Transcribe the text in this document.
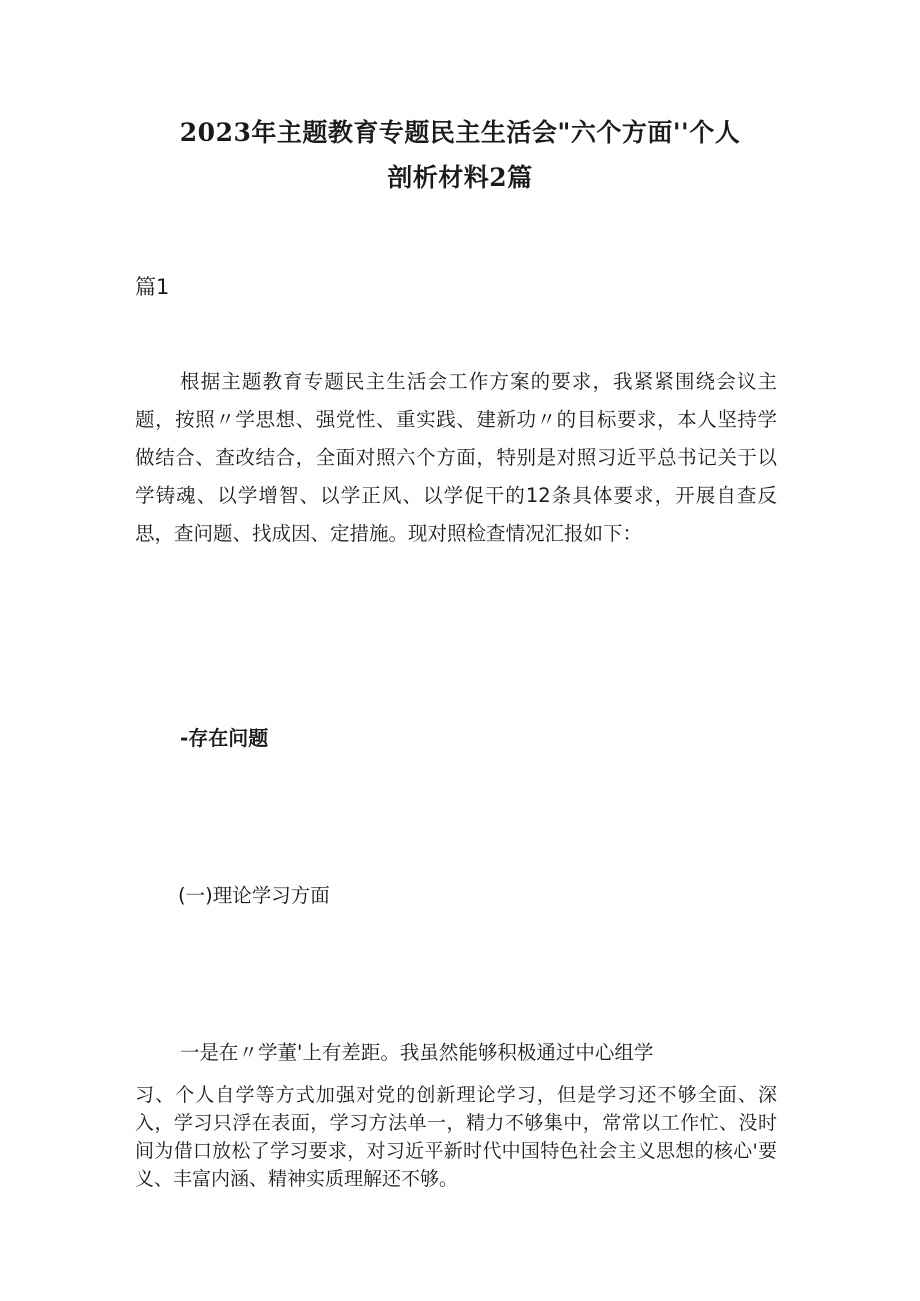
2023年主题教育专题民主生活会"六个方面''个人
剖析材料2篇

篇1

根据主题教育专题民主生活会工作方案的要求，我紧紧围绕会议主题，按照〃学思想、强党性、重实践、建新功〃的目标要求，本人坚持学做结合、查改结合，全面对照六个方面，特别是对照习近平总书记关于以学铸魂、以学增智、以学正风、以学促干的12条具体要求，开展自查反思，查问题、找成因、定措施。现对照检查情况汇报如下：

-存在问题

(一)理论学习方面

一是在〃学董'上有差距。我虽然能够积极通过中心组学

习、个人自学等方式加强对党的创新理论学习，但是学习还不够全面、深入，学习只浮在表面，学习方法单一，精力不够集中，常常以工作忙、没时间为借口放松了学习要求，对习近平新时代中国特色社会主义思想的核心'要义、丰富内涵、精神实质理解还不够。
